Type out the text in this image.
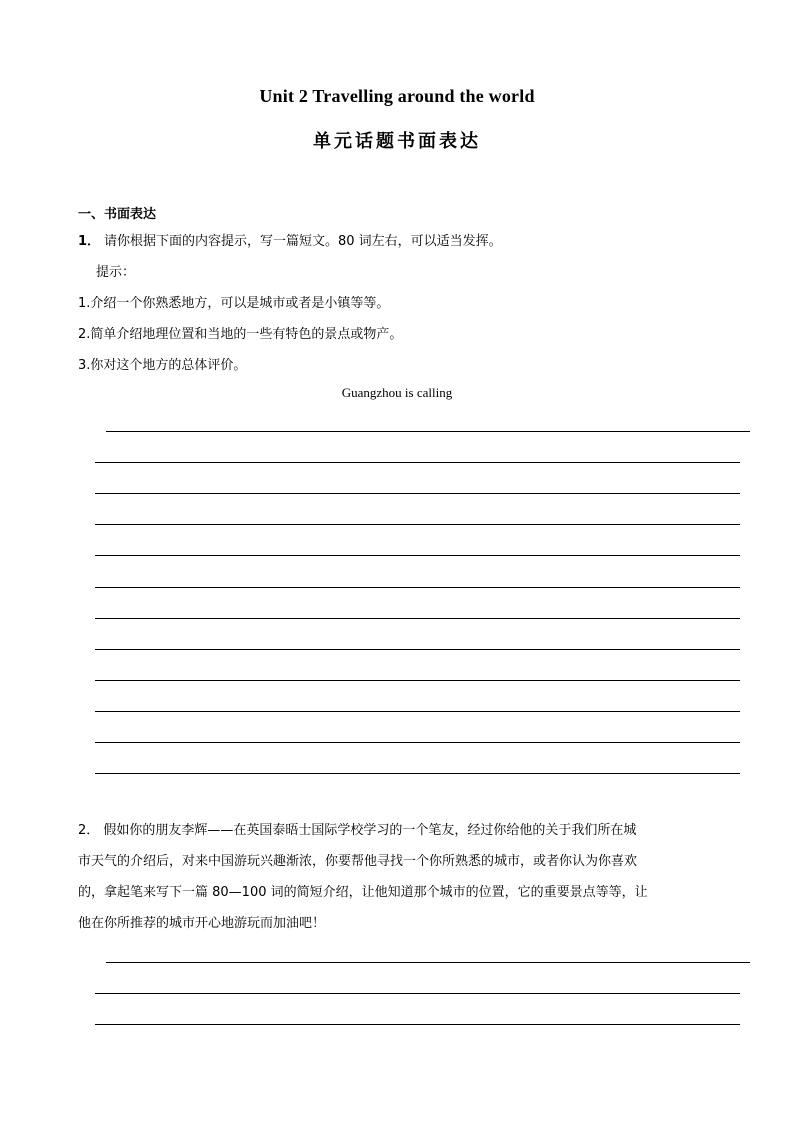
Unit 2 Travelling around the world
单元话题书面表达
一、书面表达
1． 请你根据下面的内容提示，写一篇短文。80 词左右，可以适当发挥。
提示：
1.介绍一个你熟悉地方，可以是城市或者是小镇等等。
2.简单介绍地理位置和当地的一些有特色的景点或物产。
3.你对这个地方的总体评价。
Guangzhou is calling
2． 假如你的朋友李辉——在英国泰晤士国际学校学习的一个笔友，经过你给他的关于我们所在城
市天气的介绍后，对来中国游玩兴趣渐浓，你要帮他寻找一个你所熟悉的城市，或者你认为你喜欢
的，拿起笔来写下一篇 80—100 词的简短介绍，让他知道那个城市的位置，它的重要景点等等，让
他在你所推荐的城市开心地游玩而加油吧！
